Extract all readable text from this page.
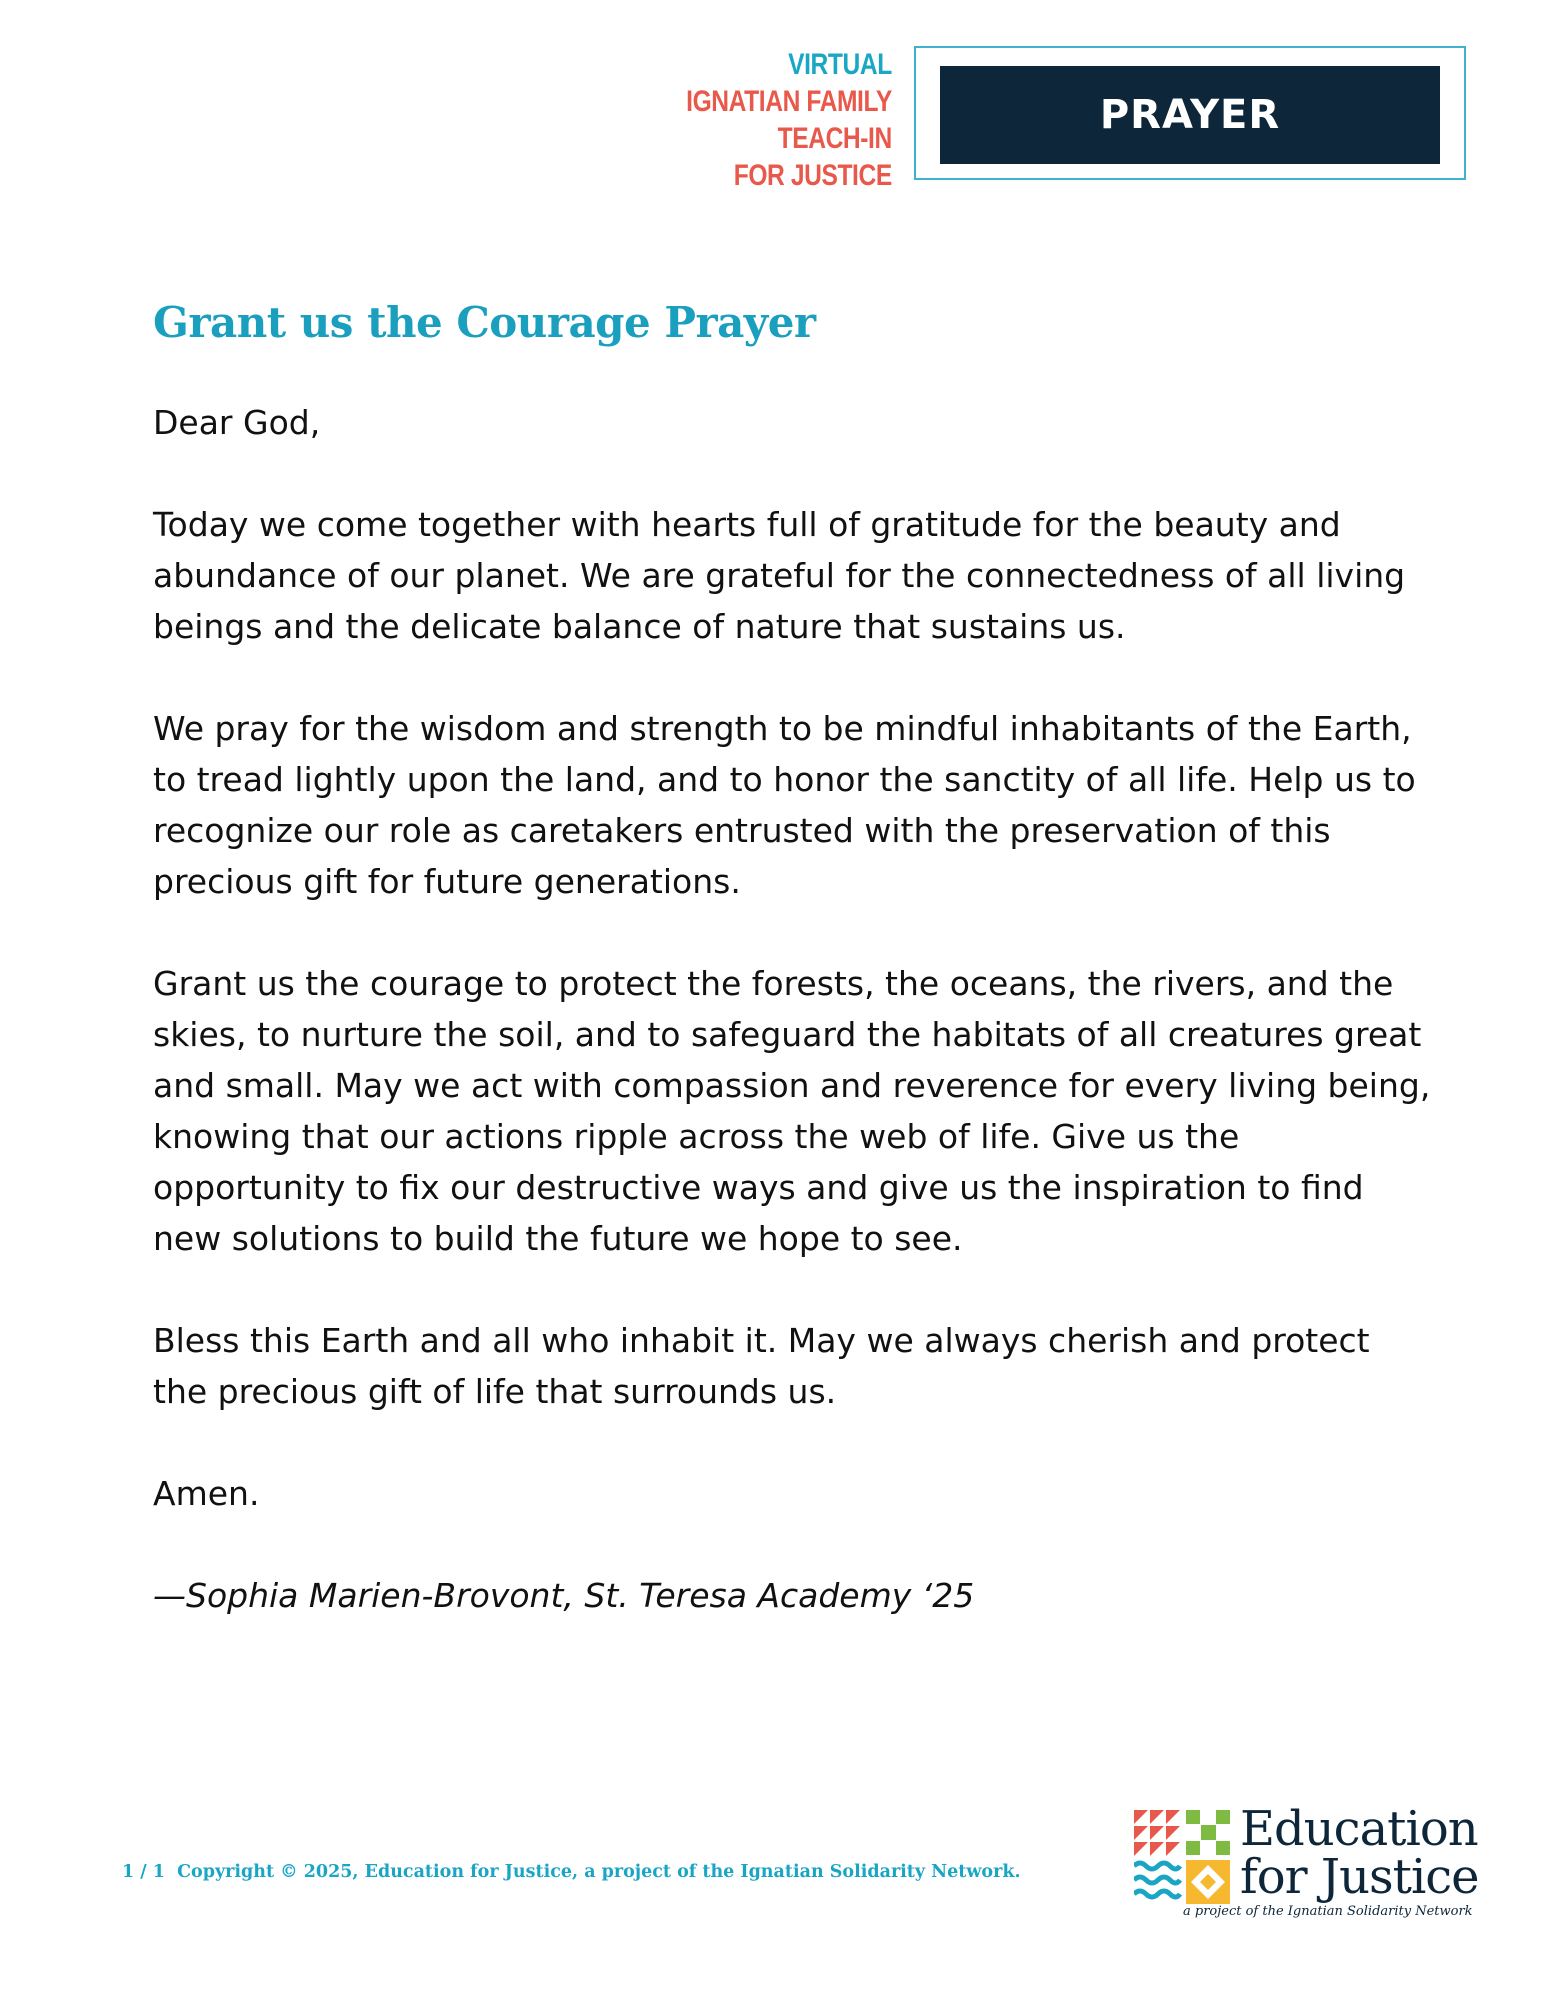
VIRTUAL
IGNATIAN FAMILY
TEACH-IN
FOR JUSTICE
PRAYER
Grant us the Courage Prayer

Dear God,

Today we come together with hearts full of gratitude for the beauty and abundance of our planet. We are grateful for the connectedness of all living beings and the delicate balance of nature that sustains us.

We pray for the wisdom and strength to be mindful inhabitants of the Earth, to tread lightly upon the land, and to honor the sanctity of all life. Help us to recognize our role as caretakers entrusted with the preservation of this precious gift for future generations.

Grant us the courage to protect the forests, the oceans, the rivers, and the skies, to nurture the soil, and to safeguard the habitats of all creatures great and small. May we act with compassion and reverence for every living being, knowing that our actions ripple across the web of life. Give us the opportunity to fix our destructive ways and give us the inspiration to find new solutions to build the future we hope to see.

Bless this Earth and all who inhabit it. May we always cherish and protect the precious gift of life that surrounds us.

Amen.

—Sophia Marien-Brovont, St. Teresa Academy ‘25

1 / 1 Copyright © 2025, Education for Justice, a project of the Ignatian Solidarity Network.
Education
for Justice
a project of the Ignatian Solidarity Network
